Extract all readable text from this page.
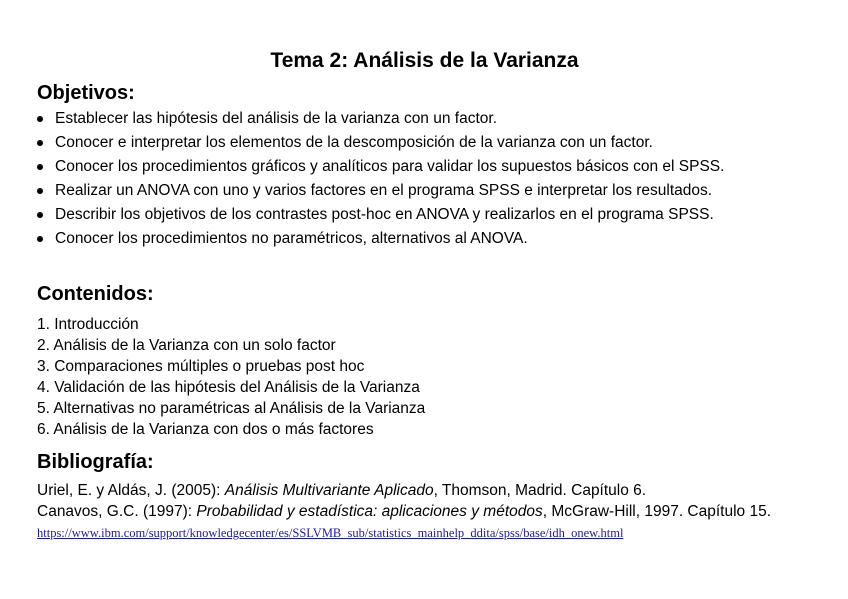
Tema 2: Análisis de la Varianza
Objetivos:
Establecer las hipótesis del análisis de la varianza con un factor.
Conocer e interpretar los elementos de la descomposición de la varianza con un factor.
Conocer los procedimientos gráficos y analíticos para validar los supuestos básicos con el SPSS.
Realizar un ANOVA con uno y varios factores en el programa SPSS e interpretar los resultados.
Describir los objetivos de los contrastes post-hoc en ANOVA y realizarlos en el programa SPSS.
Conocer los procedimientos no paramétricos, alternativos al ANOVA.
Contenidos:
1. Introducción
2. Análisis de la Varianza con un solo factor
3. Comparaciones múltiples o pruebas post hoc
4. Validación de las hipótesis del Análisis de la Varianza
5. Alternativas no paramétricas al Análisis de la Varianza
6. Análisis de la Varianza con dos o más factores
Bibliografía:
Uriel, E. y Aldás, J. (2005): Análisis Multivariante Aplicado, Thomson, Madrid. Capítulo 6.
Canavos, G.C. (1997): Probabilidad y estadística: aplicaciones y métodos, McGraw-Hill, 1997. Capítulo 15.
https://www.ibm.com/support/knowledgecenter/es/SSLVMB_sub/statistics_mainhelp_ddita/spss/base/idh_onew.html
